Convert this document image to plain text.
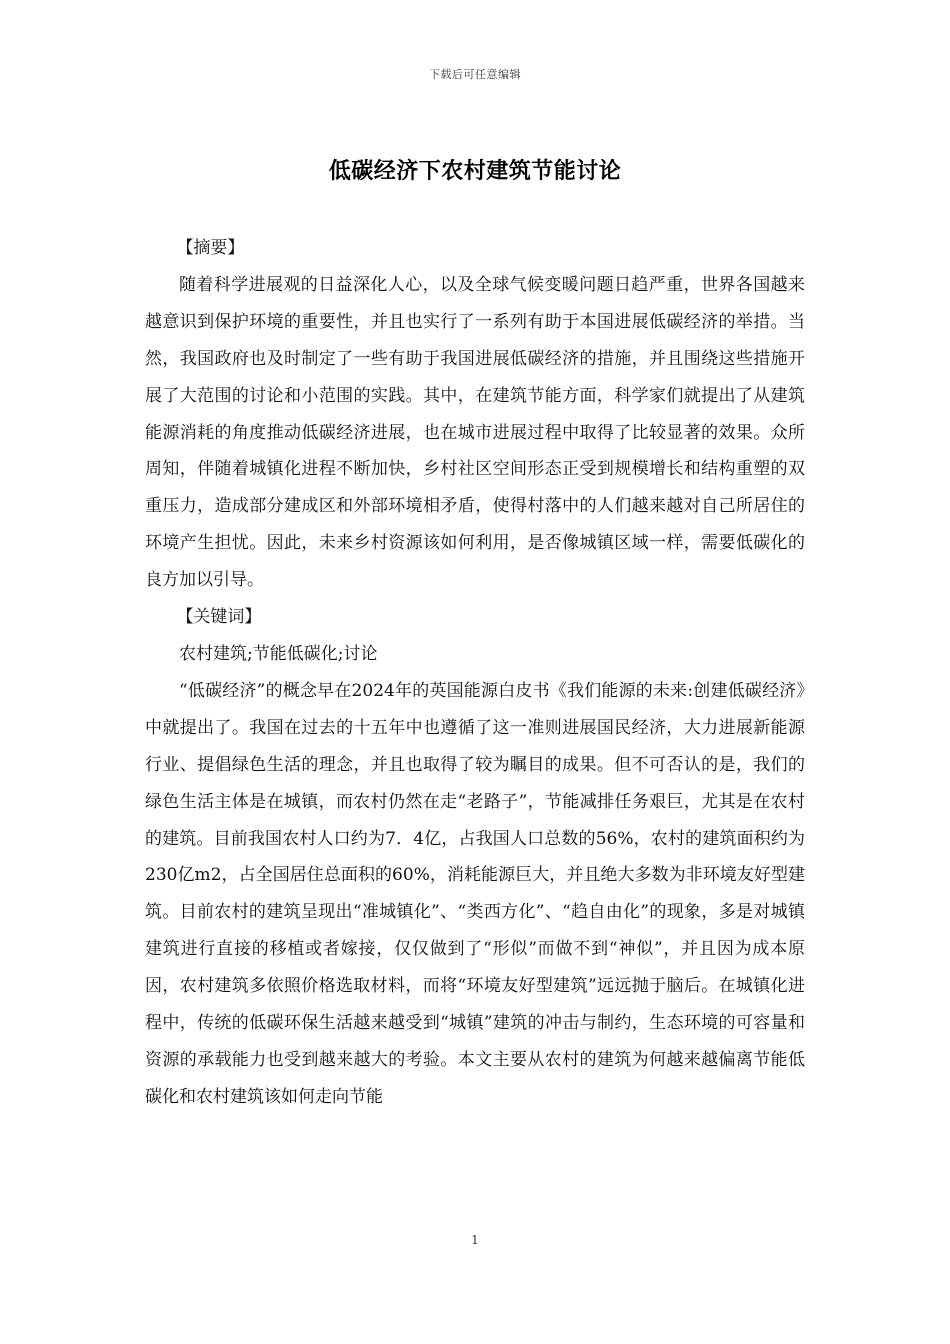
下载后可任意编辑
低碳经济下农村建筑节能讨论

【摘要】

随着科学进展观的日益深化人心，以及全球气候变暖问题日趋严重，世界各国越来越意识到保护环境的重要性，并且也实行了一系列有助于本国进展低碳经济的举措。当然，我国政府也及时制定了一些有助于我国进展低碳经济的措施，并且围绕这些措施开展了大范围的讨论和小范围的实践。其中，在建筑节能方面，科学家们就提出了从建筑能源消耗的角度推动低碳经济进展，也在城市进展过程中取得了比较显著的效果。众所周知，伴随着城镇化进程不断加快，乡村社区空间形态正受到规模增长和结构重塑的双重压力，造成部分建成区和外部环境相矛盾，使得村落中的人们越来越对自己所居住的环境产生担忧。因此，未来乡村资源该如何利用，是否像城镇区域一样，需要低碳化的良方加以引导。

【关键词】

农村建筑;节能低碳化;讨论

“低碳经济”的概念早在2024年的英国能源白皮书《我们能源的未来:创建低碳经济》中就提出了。我国在过去的十五年中也遵循了这一准则进展国民经济，大力进展新能源行业、提倡绿色生活的理念，并且也取得了较为瞩目的成果。但不可否认的是，我们的绿色生活主体是在城镇，而农村仍然在走“老路子”，节能减排任务艰巨，尤其是在农村的建筑。目前我国农村人口约为7．4亿，占我国人口总数的56%，农村的建筑面积约为230亿m2，占全国居住总面积的60%，消耗能源巨大，并且绝大多数为非环境友好型建筑。目前农村的建筑呈现出“准城镇化”、“类西方化”、“趋自由化”的现象，多是对城镇建筑进行直接的移植或者嫁接，仅仅做到了“形似”而做不到“神似”，并且因为成本原因，农村建筑多依照价格选取材料，而将“环境友好型建筑”远远抛于脑后。在城镇化进程中，传统的低碳环保生活越来越受到“城镇”建筑的冲击与制约，生态环境的可容量和资源的承载能力也受到越来越大的考验。本文主要从农村的建筑为何越来越偏离节能低碳化和农村建筑该如何走向节能

1
